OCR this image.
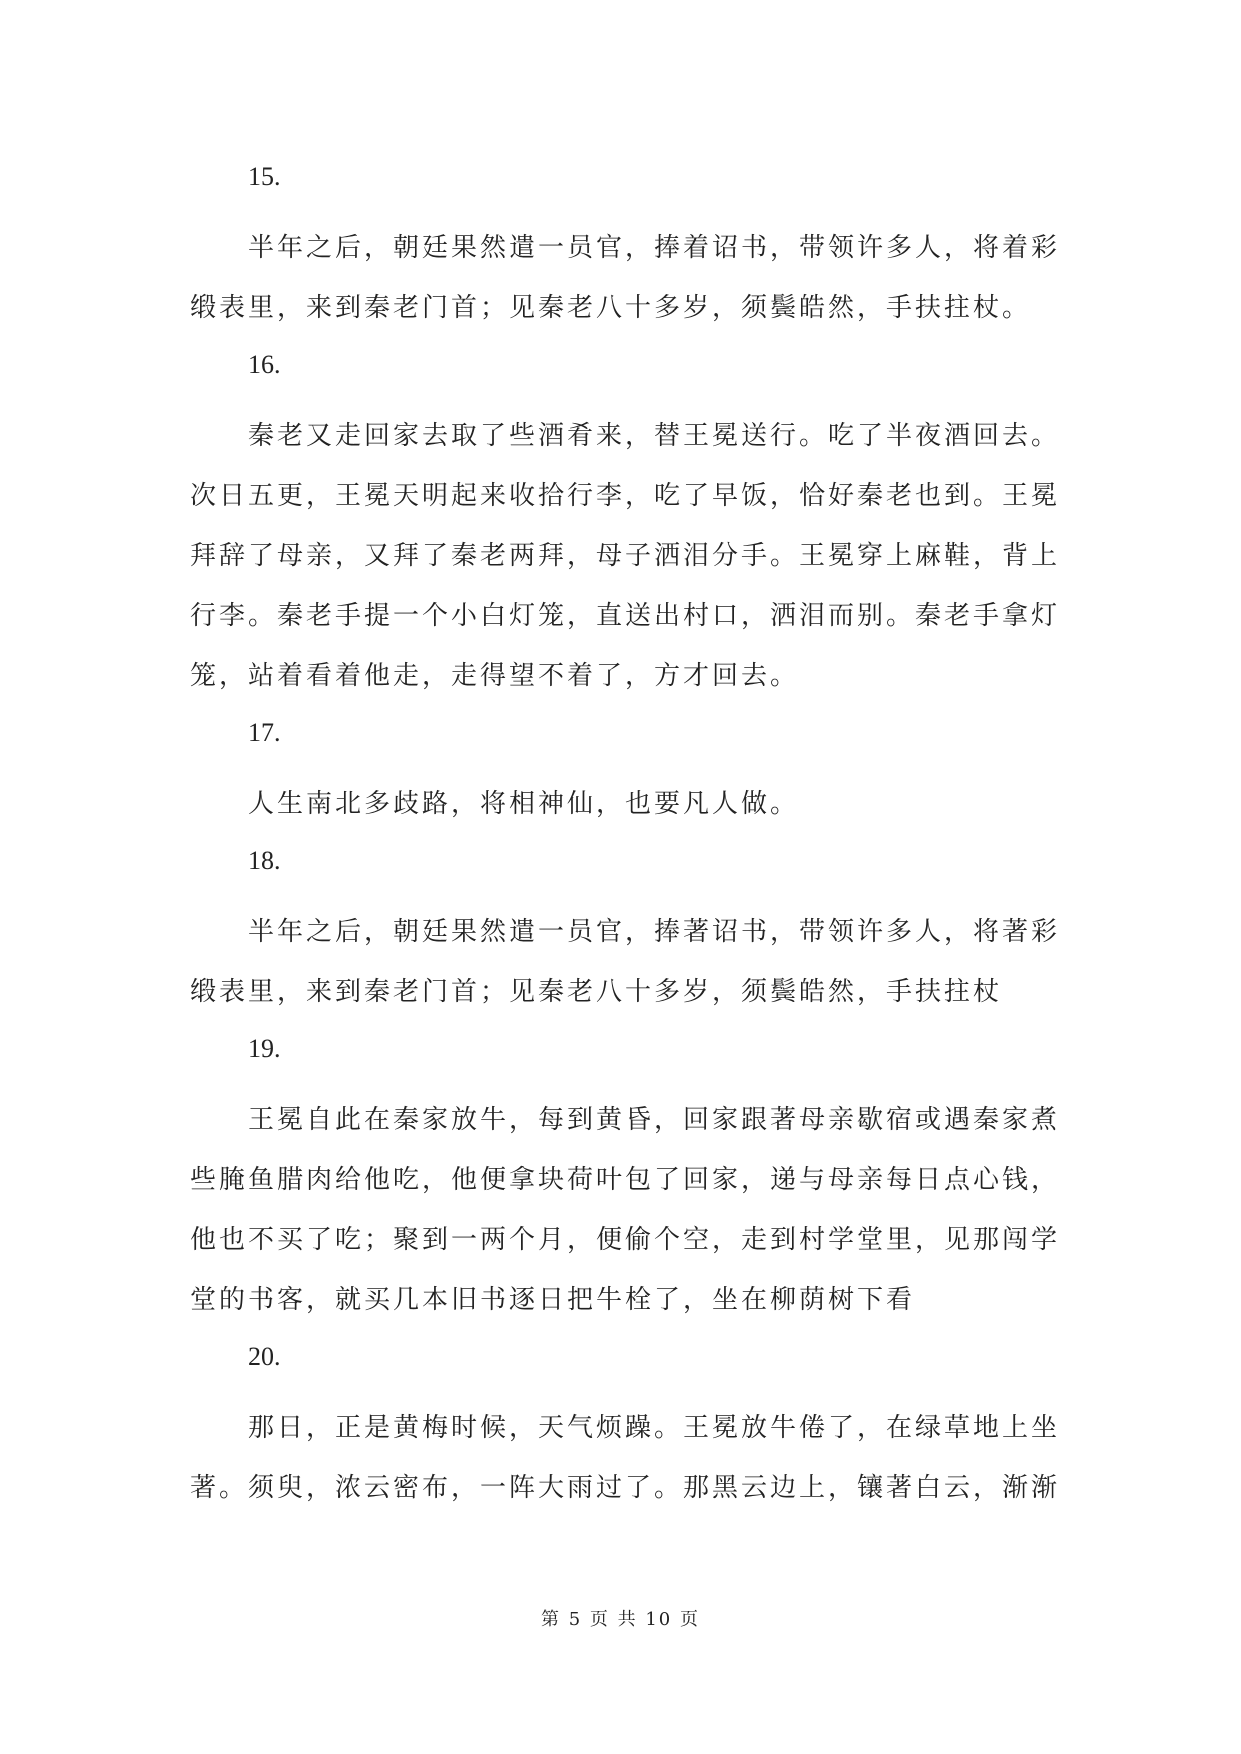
15.

半年之后，朝廷果然遣一员官，捧着诏书，带领许多人，将着彩缎表里，来到秦老门首；见秦老八十多岁，须鬓皓然，手扶拄杖。

16.

秦老又走回家去取了些酒肴来，替王冕送行。吃了半夜酒回去。次日五更，王冕天明起来收拾行李，吃了早饭，恰好秦老也到。王冕拜辞了母亲，又拜了秦老两拜，母子洒泪分手。王冕穿上麻鞋，背上行李。秦老手提一个小白灯笼，直送出村口，洒泪而别。秦老手拿灯笼，站着看着他走，走得望不着了，方才回去。

17.

人生南北多歧路，将相神仙，也要凡人做。

18.

半年之后，朝廷果然遣一员官，捧著诏书，带领许多人，将著彩缎表里，来到秦老门首；见秦老八十多岁，须鬓皓然，手扶拄杖

19.

王冕自此在秦家放牛，每到黄昏，回家跟著母亲歇宿或遇秦家煮些腌鱼腊肉给他吃，他便拿块荷叶包了回家，递与母亲每日点心钱，他也不买了吃；聚到一两个月，便偷个空，走到村学堂里，见那闯学堂的书客，就买几本旧书逐日把牛栓了，坐在柳荫树下看

20.

那日，正是黄梅时候，天气烦躁。王冕放牛倦了，在绿草地上坐著。须臾，浓云密布，一阵大雨过了。那黑云边上，镶著白云，渐渐

第 5 页 共 10 页
